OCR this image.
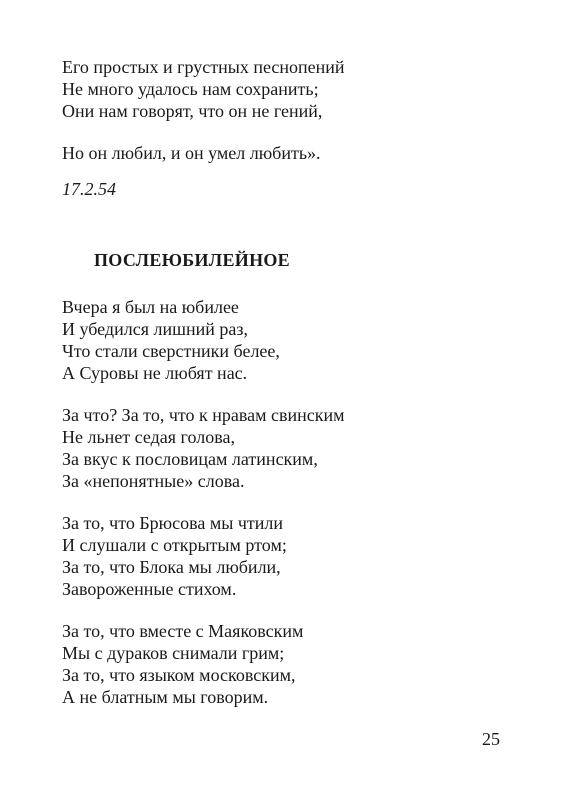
Его простых и грустных песнопений
Не много удалось нам сохранить;
Они нам говорят, что он не гений,
Но он любил, и он умел любить».
17.2.54
ПОСЛЕЮБИЛЕЙНОЕ
Вчера я был на юбилее
И убедился лишний раз,
Что стали сверстники белее,
А Суровы не любят нас.
За что? За то, что к нравам свинским
Не льнет седая голова,
За вкус к пословицам латинским,
За «непонятные» слова.
За то, что Брюсова мы чтили
И слушали с открытым ртом;
За то, что Блока мы любили,
Завороженные стихом.
За то, что вместе с Маяковским
Мы с дураков снимали грим;
За то, что языком московским,
А не блатным мы говорим.
25
